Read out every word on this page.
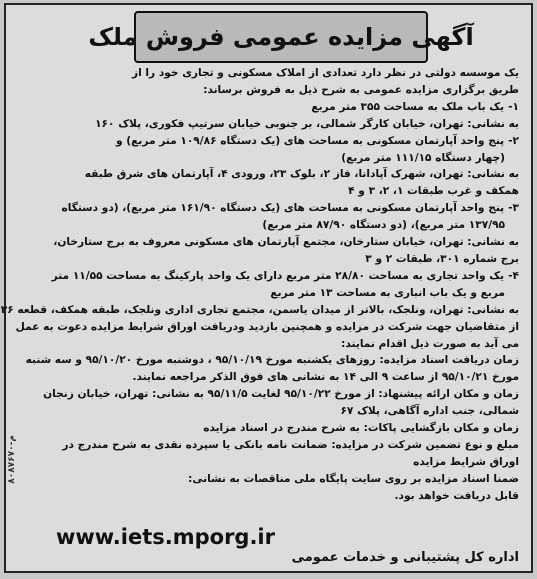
آگهی مزایده عمومی فروش ملک
یک موسسه دولتی در نظر دارد تعدادی از املاک مسکونی و تجاری خود را از
طریق برگزاری مزایده عمومی به شرح ذیل به فروش برساند:
۱-یک باب ملک به مساحت ۳۵۵ متر مربع
به نشانی: تهران، خیابان کارگر شمالی، بر جنوبی خیابان سرتیپ فکوری، پلاک ۱۶۰
۲-پنج واحد آپارتمان مسکونی به مساحت های (یک دستگاه ۱۰۹/۸۶ متر مربع) و
(چهار دستگاه ۱۱۱/۱۵ متر مربع)
به نشانی: تهران، شهرک آپادانا، فاز ۲، بلوک ۲۳، ورودی ۴، آپارتمان های شرق طبقه
همکف و غرب طبقات ۱، ۲، ۳ و ۴
۳-پنج واحد آپارتمان مسکونی به مساحت های (یک دستگاه ۱۶۱/۹۰ متر مربع)، (دو دستگاه
۱۳۷/۹۵ متر مربع)، (دو دستگاه ۸۷/۹۰ متر مربع)
به نشانی: تهران، خیابان ستارخان، مجتمع آپارتمان های مسکونی معروف به برج ستارخان،
برج شماره ۳۰۱، طبقات ۲ و ۳
۴-یک واحد تجاری به مساحت ۲۸/۸۰ متر مربع دارای یک واحد پارکینگ به مساحت ۱۱/۵۵ متر
مربع و یک باب انباری به مساحت ۱۳ متر مربع
به نشانی: تهران، ونلجک، بالاتر از میدان یاسمن، مجتمع تجاری اداری ونلجک، طبقه همکف، قطعه ۳۶
از متقاضیان جهت شرکت در مزایده و همچنین بازدید ودریافت اوراق شرایط مزایده دعوت به عمل
می آید به صورت ذیل اقدام نمایند:
زمان دریافت اسناد مزایده: روزهای یکشنبه مورخ ۹۵/۱۰/۱۹ ، دوشنبه مورخ ۹۵/۱۰/۲۰ و سه شنبه
مورخ ۹۵/۱۰/۲۱ از ساعت ۹ الی ۱۴ به نشانی های فوق الذکر مراجعه نمایند.
زمان و مکان ارائه پیشنهاد: از مورخ ۹۵/۱۰/۲۲ لغایت ۹۵/۱۱/۵ به نشانی: تهران، خیابان زنجان
شمالی، جنب اداره آگاهی، پلاک ۶۷
زمان و مکان بازگشایی پاکات: به شرح مندرج در اسناد مزایده
مبلغ و نوع تضمین شرکت در مزایده: ضمانت نامه بانکی یا سپرده نقدی به شرح مندرج در
اوراق شرایط مزایده
ضمنا اسناد مزایده بر روی سایت پایگاه ملی مناقصات به نشانی:
قابل دریافت خواهد بود.
www.iets.mporg.ir
اداره کل پشتیبانی و خدمات عمومی
۸۰۸۷۶۷۰-م
